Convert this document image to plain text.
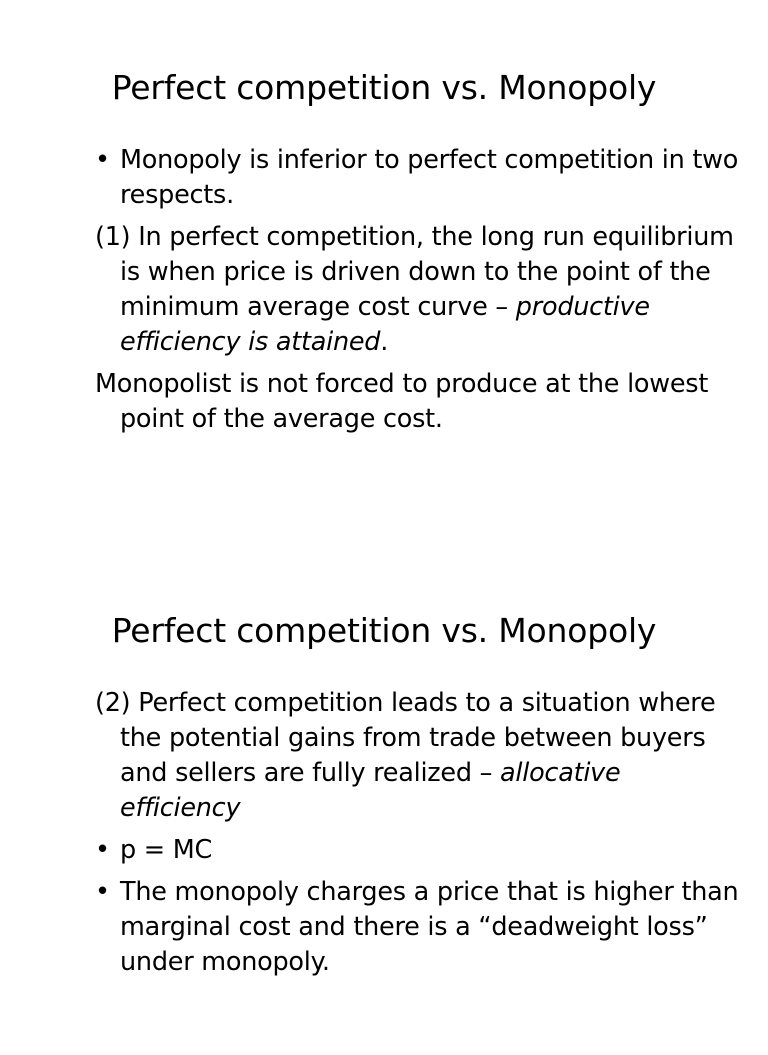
Perfect competition vs. Monopoly

• Monopoly is inferior to perfect competition in two respects.

(1) In perfect competition, the long run equilibrium is when price is driven down to the point of the minimum average cost curve – productive efficiency is attained.

Monopolist is not forced to produce at the lowest point of the average cost.

Perfect competition vs. Monopoly

(2) Perfect competition leads to a situation where the potential gains from trade between buyers and sellers are fully realized – allocative efficiency

• p = MC

• The monopoly charges a price that is higher than marginal cost and there is a “deadweight loss” under monopoly.
